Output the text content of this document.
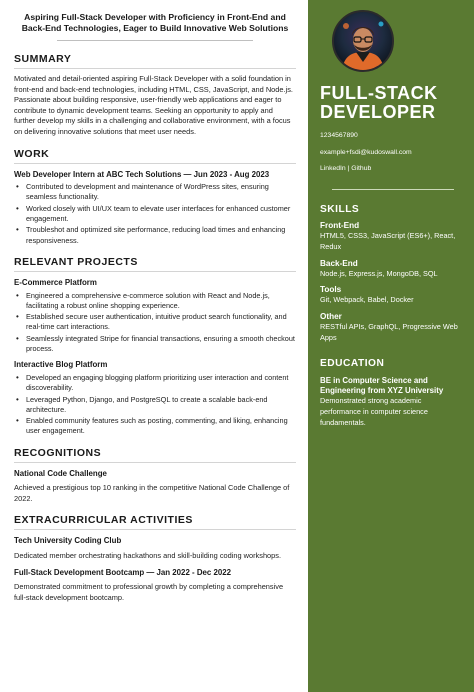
Aspiring Full-Stack Developer with Proficiency in Front-End and Back-End Technologies, Eager to Build Innovative Web Solutions
SUMMARY
Motivated and detail-oriented aspiring Full-Stack Developer with a solid foundation in front-end and back-end technologies, including HTML, CSS, JavaScript, and Node.js. Passionate about building responsive, user-friendly web applications and eager to contribute to dynamic development teams. Seeking an opportunity to apply and further develop my skills in a challenging and collaborative environment, with a focus on delivering innovative solutions that meet user needs.
WORK
Web Developer Intern at ABC Tech Solutions — Jun 2023 - Aug 2023
• Contributed to development and maintenance of WordPress sites, ensuring seamless functionality.
• Worked closely with UI/UX team to elevate user interfaces for enhanced customer engagement.
• Troubleshot and optimized site performance, reducing load times and enhancing responsiveness.
RELEVANT PROJECTS
E-Commerce Platform
• Engineered a comprehensive e-commerce solution with React and Node.js, facilitating a robust online shopping experience.
• Established secure user authentication, intuitive product search functionality, and real-time cart interactions.
• Seamlessly integrated Stripe for financial transactions, ensuring a smooth checkout process.
Interactive Blog Platform
• Developed an engaging blogging platform prioritizing user interaction and content discoverability.
• Leveraged Python, Django, and PostgreSQL to create a scalable back-end architecture.
• Enabled community features such as posting, commenting, and liking, enhancing user engagement.
RECOGNITIONS
National Code Challenge
Achieved a prestigious top 10 ranking in the competitive National Code Challenge of 2022.
EXTRACURRICULAR ACTIVITIES
Tech University Coding Club
Dedicated member orchestrating hackathons and skill-building coding workshops.
Full-Stack Development Bootcamp — Jan 2022 - Dec 2022
Demonstrated commitment to professional growth by completing a comprehensive full-stack development bootcamp.
FULL-STACK
DEVELOPER
1234567890
example+fsdi@kudoswall.com
LinkedIn | Github
SKILLS
Front-End
HTML5, CSS3, JavaScript (ES6+), React, Redux
Back-End
Node.js, Express.js, MongoDB, SQL
Tools
Git, Webpack, Babel, Docker
Other
RESTful APIs, GraphQL, Progressive Web Apps
EDUCATION
BE in Computer Science and Engineering from XYZ University
Demonstrated strong academic performance in computer science fundamentals.
